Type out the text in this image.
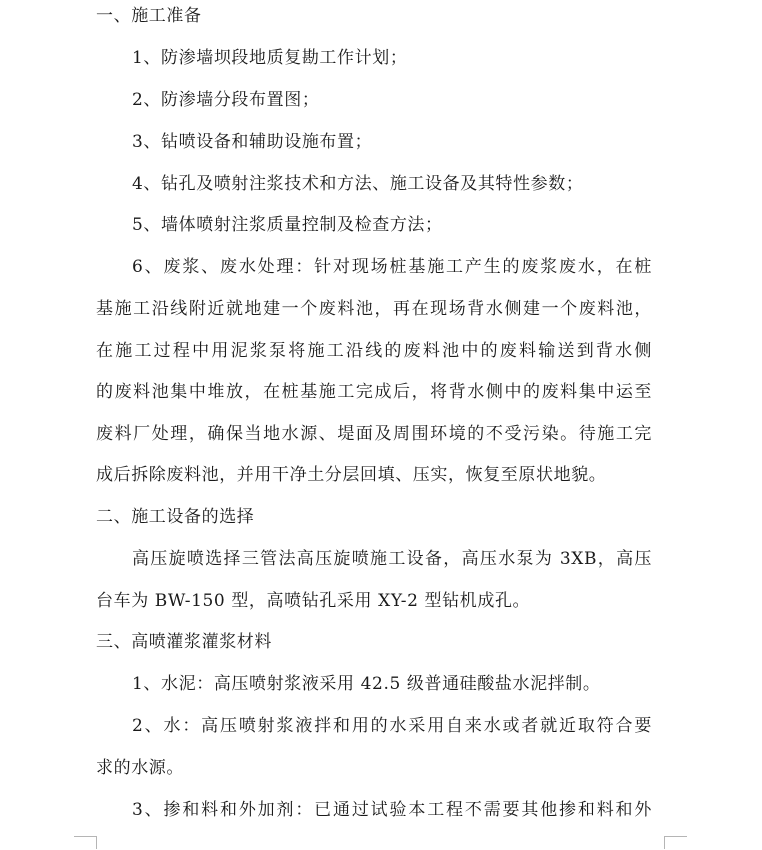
一、施工准备
1、防渗墙坝段地质复勘工作计划；
2、防渗墙分段布置图；
3、钻喷设备和辅助设施布置；
4、钻孔及喷射注浆技术和方法、施工设备及其特性参数；
5、墙体喷射注浆质量控制及检查方法；
6、废浆、废水处理：针对现场桩基施工产生的废浆废水，在桩
基施工沿线附近就地建一个废料池，再在现场背水侧建一个废料池，
在施工过程中用泥浆泵将施工沿线的废料池中的废料输送到背水侧
的废料池集中堆放，在桩基施工完成后，将背水侧中的废料集中运至
废料厂处理，确保当地水源、堤面及周围环境的不受污染。待施工完
成后拆除废料池，并用干净土分层回填、压实，恢复至原状地貌。
二、施工设备的选择
高压旋喷选择三管法高压旋喷施工设备，高压水泵为 3XB，高压
台车为 BW-150 型，高喷钻孔采用 XY-2 型钻机成孔。
三、高喷灌浆灌浆材料
1、水泥：高压喷射浆液采用 42.5 级普通硅酸盐水泥拌制。
2、水：高压喷射浆液拌和用的水采用自来水或者就近取符合要
求的水源。
3、掺和料和外加剂：已通过试验本工程不需要其他掺和料和外
